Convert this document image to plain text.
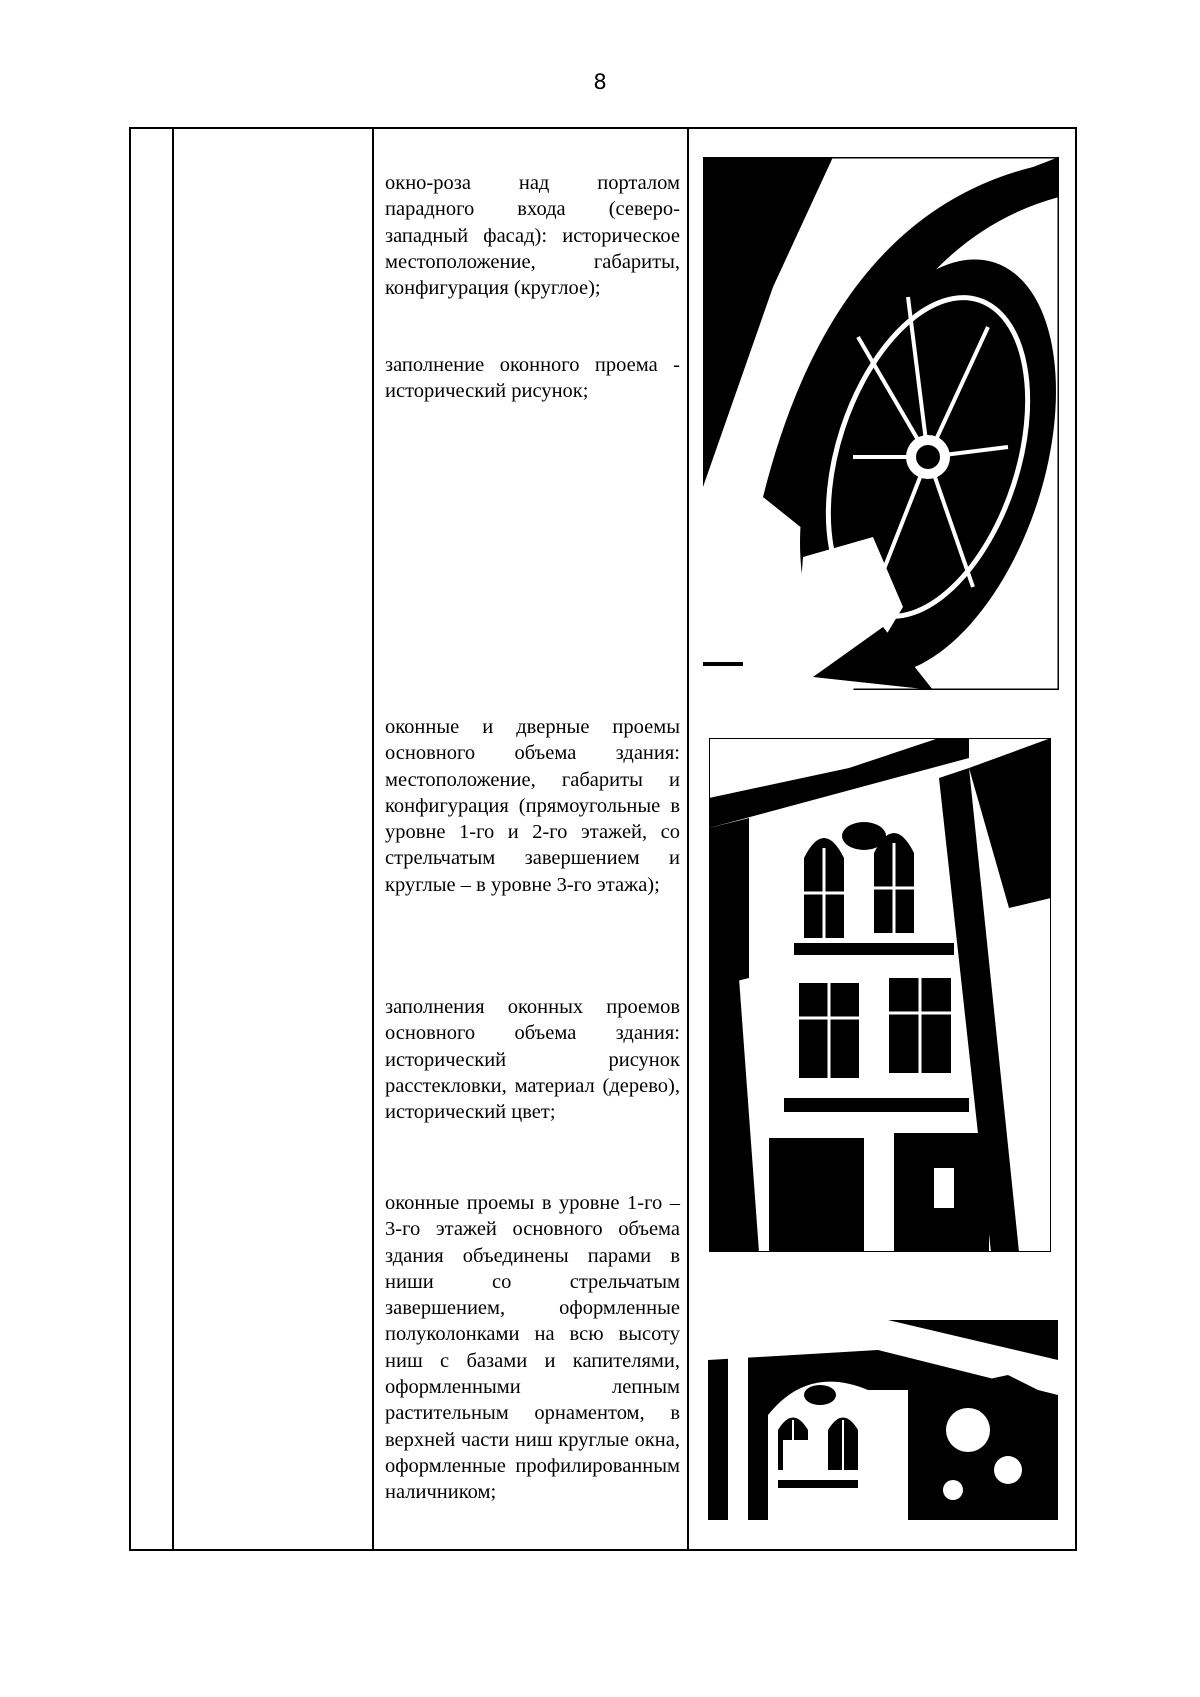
8

окно-роза над порталом парадного входа (северо-западный фасад): историческое местоположение, габариты, конфигурация (круглое);

заполнение оконного проема - исторический рисунок;

оконные и дверные проемы основного объема здания: местоположение, габариты и конфигурация (прямоугольные в уровне 1-го и 2-го этажей, со стрельчатым завершением и круглые – в уровне 3-го этажа);

заполнения оконных проемов основного объема здания: исторический рисунок расстекловки, материал (дерево), исторический цвет;

оконные проемы в уровне 1-го – 3-го этажей основного объема здания объединены парами в ниши со стрельчатым завершением, оформленные полуколонками на всю высоту ниш с базами и капителями, оформленными лепным растительным орнаментом, в верхней части ниш круглые окна, оформленные профилированным наличником;
